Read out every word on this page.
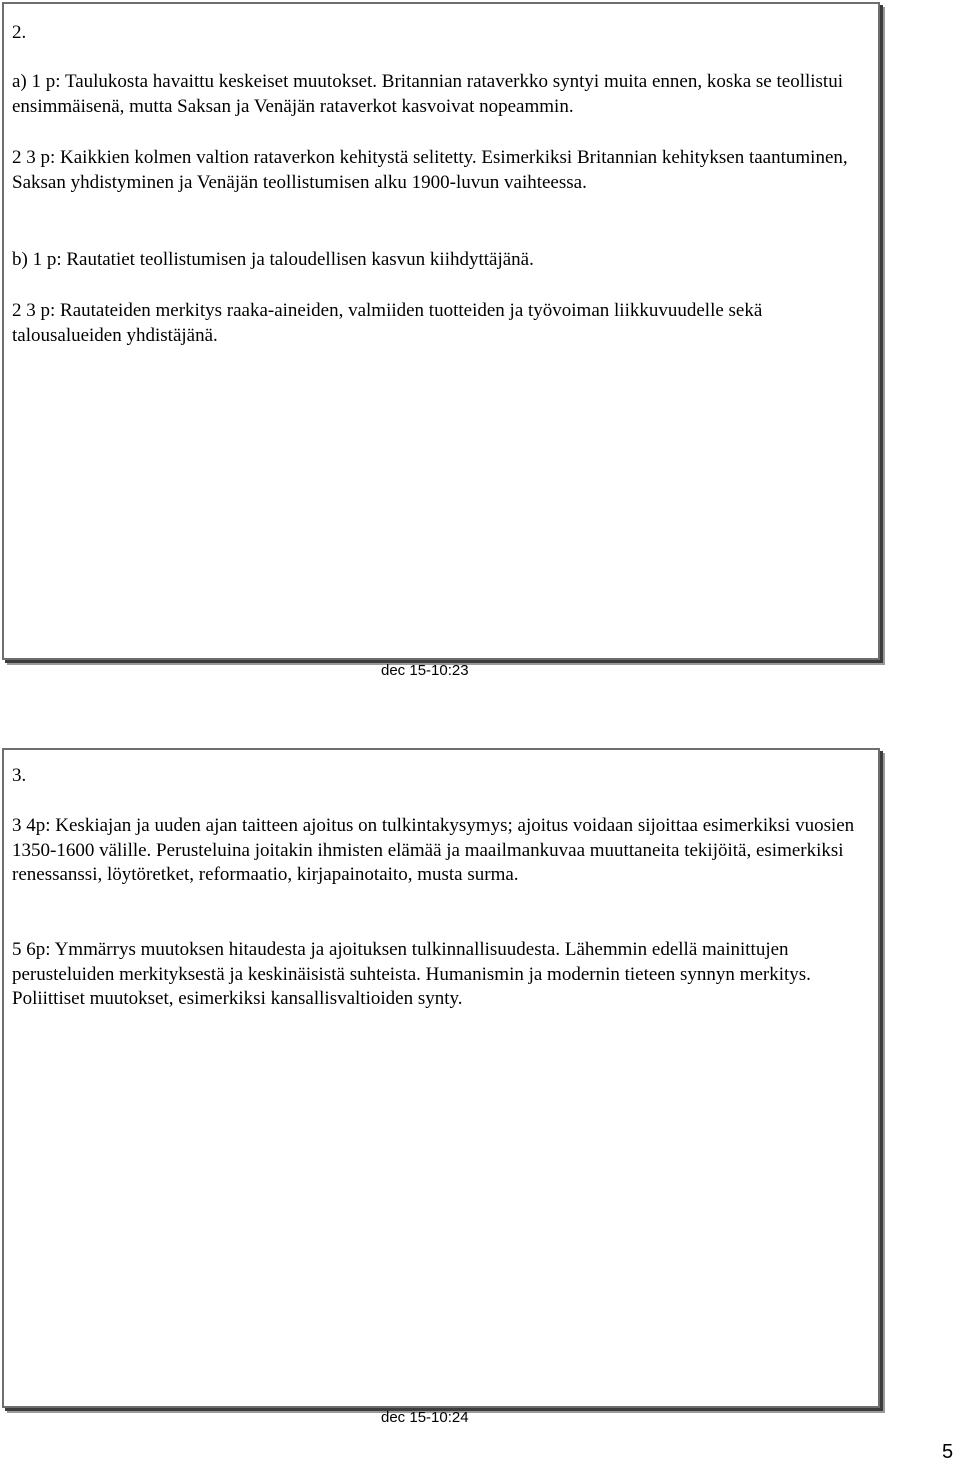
2.

a) 1 p: Taulukosta havaittu keskeiset muutokset. Britannian rataverkko syntyi muita ennen, koska se teollistui ensimmäisenä, mutta Saksan ja Venäjän rataverkot kasvoivat nopeammin.

2 3 p: Kaikkien kolmen valtion rataverkon kehitystä selitetty. Esimerkiksi Britannian kehityksen taantuminen, Saksan yhdistyminen ja Venäjän teollistumisen alku 1900-luvun vaihteessa.

b) 1 p: Rautatiet teollistumisen ja taloudellisen kasvun kiihdyttäjänä.

2 3 p: Rautateiden merkitys raaka-aineiden, valmiiden tuotteiden ja työvoiman liikkuvuudelle sekä talousalueiden yhdistäjänä.

dec 15-10:23
3.

3 4p: Keskiajan ja uuden ajan taitteen ajoitus on tulkintakysymys; ajoitus voidaan sijoittaa esimerkiksi vuosien 1350-1600 välille. Perusteluina joitakin ihmisten elämää ja maailmankuvaa muuttaneita tekijöitä, esimerkiksi renessanssi, löytöretket, reformaatio, kirjapainotaito, musta surma.

5 6p: Ymmärrys muutoksen hitaudesta ja ajoituksen tulkinnallisuudesta. Lähemmin edellä mainittujen perusteluiden merkityksestä ja keskinäisistä suhteista. Humanismin ja modernin tieteen synnyn merkitys. Poliittiset muutokset, esimerkiksi kansallisvaltioiden synty.

dec 15-10:24
5
